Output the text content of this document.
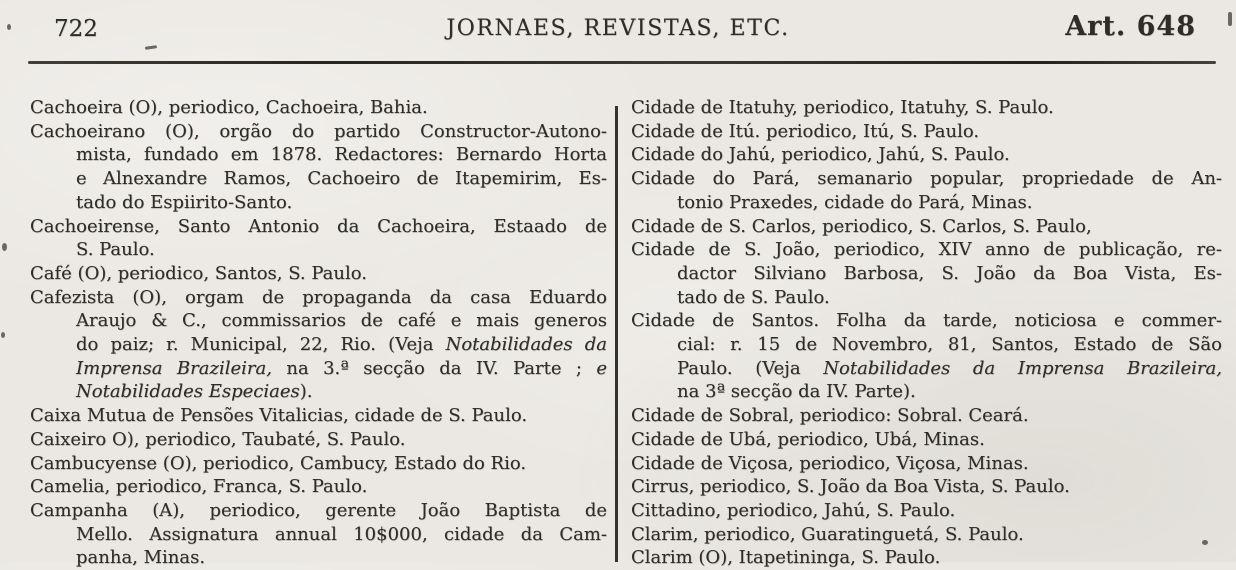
722	JORNAES, REVISTAS, ETC.	Art. 648
Cachoeira (O), periodico, Cachoeira, Bahia.
Cachoeirano (O), orgão do partido Constructor-Autono-
mista, fundado em 1878. Redactores: Bernardo Horta
e Alnexandre Ramos, Cachoeiro de Itapemirim, Es-
tado do Espiirito-Santo.
Cachoeirense, Santo Antonio da Cachoeira, Estaado de
S. Paulo.
Café (O), periodico, Santos, S. Paulo.
Cafezista (O), orgam de propaganda da casa Eduardo
Araujo & C., commissarios de café e mais generos
do paiz; r. Municipal, 22, Rio. (Veja Notabilidades da
Imprensa Brazileira, na 3.ª secção da IV. Parte ; e
Notabilidades Especiaes).
Caixa Mutua de Pensões Vitalicias, cidade de S. Paulo.
Caixeiro O), periodico, Taubaté, S. Paulo.
Cambucyense (O), periodico, Cambucy, Estado do Rio.
Camelia, periodico, Franca, S. Paulo.
Campanha (A), periodico, gerente João Baptista de
Mello. Assignatura annual 10$000, cidade da Cam-
panha, Minas.
Cidade de Itatuhy, periodico, Itatuhy, S. Paulo.
Cidade de Itú. periodico, Itú, S. Paulo.
Cidade do Jahú, periodico, Jahú, S. Paulo.
Cidade do Pará, semanario popular, propriedade de An-
tonio Praxedes, cidade do Pará, Minas.
Cidade de S. Carlos, periodico, S. Carlos, S. Paulo,
Cidade de S. João, periodico, XIV anno de publicação, re-
dactor Silviano Barbosa, S. João da Boa Vista, Es-
tado de S. Paulo.
Cidade de Santos. Folha da tarde, noticiosa e commer-
cial: r. 15 de Novembro, 81, Santos, Estado de São
Paulo. (Veja Notabilidades da Imprensa Brazileira,
na 3ª secção da IV. Parte).
Cidade de Sobral, periodico: Sobral. Ceará.
Cidade de Ubá, periodico, Ubá, Minas.
Cidade de Viçosa, periodico, Viçosa, Minas.
Cirrus, periodico, S. João da Boa Vista, S. Paulo.
Cittadino, periodico, Jahú, S. Paulo.
Clarim, periodico, Guaratinguetá, S. Paulo.
Clarim (O), Itapetininga, S. Paulo.
